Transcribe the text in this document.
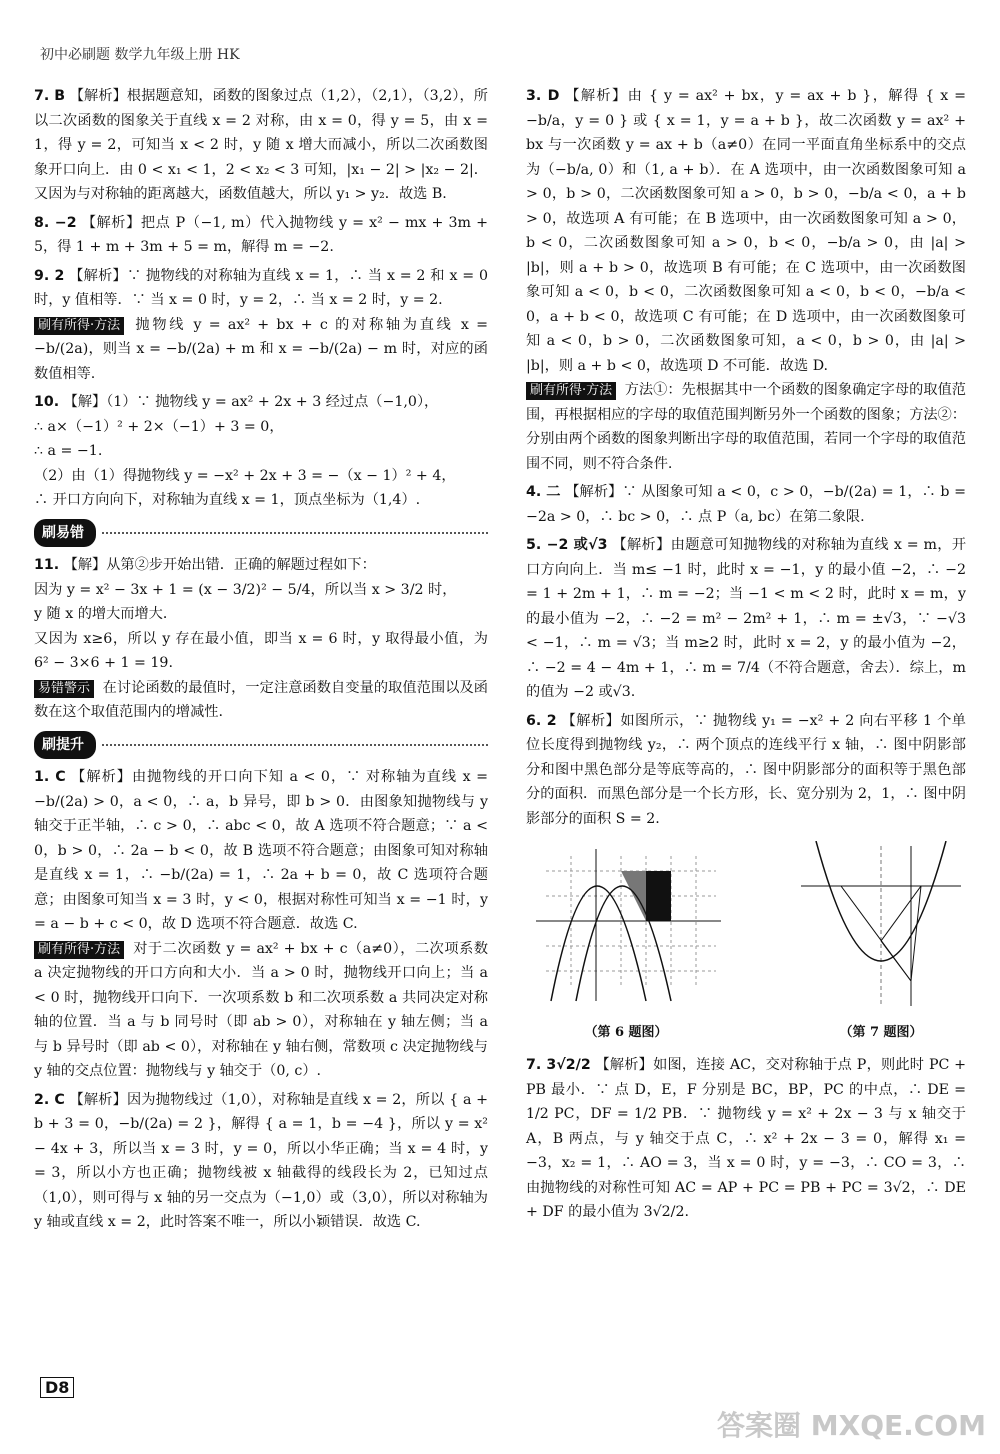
初中必刷题 数学九年级上册 HK
7. B 【解析】根据题意知，函数的图象过点（1,2），（2,1），（3,2），所以二次函数的图象关于直线 x = 2 对称，由 x = 0，得 y = 5，由 x = 1，得 y = 2，可知当 x < 2 时，y 随 x 增大而减小，所以二次函数图象开口向上．由 0 < x₁ < 1，2 < x₂ < 3 可知，|x₁ − 2| > |x₂ − 2|．又因为与对称轴的距离越大，函数值越大，所以 y₁ > y₂．故选 B.
8. −2 【解析】把点 P（−1, m）代入抛物线 y = x² − mx + 3m + 5，得 1 + m + 3m + 5 = m，解得 m = −2.
9. 2 【解析】∵ 抛物线的对称轴为直线 x = 1，∴ 当 x = 2 和 x = 0 时，y 值相等．∵ 当 x = 0 时，y = 2，∴ 当 x = 2 时，y = 2.
刷有所得·方法 抛物线 y = ax² + bx + c 的对称轴为直线 x = −b/(2a)，则当 x = −b/(2a) + m 和 x = −b/(2a) − m 时，对应的函数值相等.
10. 【解】（1）∵ 抛物线 y = ax² + 2x + 3 经过点（−1,0），
∴ a×（−1）² + 2×（−1）+ 3 = 0，
∴ a = −1.
（2）由（1）得抛物线 y = −x² + 2x + 3 = −（x − 1）² + 4，
∴ 开口方向向下，对称轴为直线 x = 1，顶点坐标为（1,4）.
刷易错
11. 【解】从第②步开始出错．正确的解题过程如下：
因为 y = x² − 3x + 1 = (x − 3/2)² − 5/4，所以当 x > 3/2 时，
y 随 x 的增大而增大．
又因为 x≥6，所以 y 存在最小值，即当 x = 6 时，y 取得最小值，为 6² − 3×6 + 1 = 19.
易错警示 在讨论函数的最值时，一定注意函数自变量的取值范围以及函数在这个取值范围内的增减性.
刷提升
1. C 【解析】由抛物线的开口向下知 a < 0，∵ 对称轴为直线 x = −b/(2a) > 0，a < 0，∴ a，b 异号，即 b > 0．由图象知抛物线与 y 轴交于正半轴，∴ c > 0，∴ abc < 0，故 A 选项不符合题意；∵ a < 0，b > 0，∴ 2a − b < 0，故 B 选项不符合题意；由图象可知对称轴是直线 x = 1，∴ −b/(2a) = 1，∴ 2a + b = 0，故 C 选项符合题意；由图象可知当 x = 3 时，y < 0，根据对称性可知当 x = −1 时，y = a − b + c < 0，故 D 选项不符合题意．故选 C.
刷有所得·方法 对于二次函数 y = ax² + bx + c（a≠0），二次项系数 a 决定抛物线的开口方向和大小．当 a > 0 时，抛物线开口向上；当 a < 0 时，抛物线开口向下．一次项系数 b 和二次项系数 a 共同决定对称轴的位置．当 a 与 b 同号时（即 ab > 0），对称轴在 y 轴左侧；当 a 与 b 异号时（即 ab < 0），对称轴在 y 轴右侧，常数项 c 决定抛物线与 y 轴的交点位置：抛物线与 y 轴交于（0, c）.
2. C 【解析】因为抛物线过（1,0），对称轴是直线 x = 2，所以 { a + b + 3 = 0，−b/(2a) = 2 }，解得 { a = 1，b = −4 }，所以 y = x² − 4x + 3，所以当 x = 3 时，y = 0，所以小华正确；当 x = 4 时，y = 3，所以小方也正确；抛物线被 x 轴截得的线段长为 2，已知过点（1,0），则可得与 x 轴的另一交点为（−1,0）或（3,0），所以对称轴为 y 轴或直线 x = 2，此时答案不唯一，所以小颖错误．故选 C.
3. D 【解析】由 { y = ax² + bx，y = ax + b }，解得 { x = −b/a，y = 0 } 或 { x = 1，y = a + b }，故二次函数 y = ax² + bx 与一次函数 y = ax + b（a≠0）在同一平面直角坐标系中的交点为（−b/a, 0）和（1, a + b）．在 A 选项中，由一次函数图象可知 a > 0，b > 0，二次函数图象可知 a > 0，b > 0，−b/a < 0，a + b > 0，故选项 A 有可能；在 B 选项中，由一次函数图象可知 a > 0，b < 0，二次函数图象可知 a > 0，b < 0，−b/a > 0，由 |a| > |b|，则 a + b > 0，故选项 B 有可能；在 C 选项中，由一次函数图象可知 a < 0，b < 0，二次函数图象可知 a < 0，b < 0，−b/a < 0，a + b < 0，故选项 C 有可能；在 D 选项中，由一次函数图象可知 a < 0，b > 0，二次函数图象可知，a < 0，b > 0，由 |a| > |b|，则 a + b < 0，故选项 D 不可能．故选 D.
刷有所得·方法 方法①：先根据其中一个函数的图象确定字母的取值范围，再根据相应的字母的取值范围判断另外一个函数的图象；方法②：分别由两个函数的图象判断出字母的取值范围，若同一个字母的取值范围不同，则不符合条件.
4. 二 【解析】∵ 从图象可知 a < 0，c > 0，−b/(2a) = 1，∴ b = −2a > 0，∴ bc > 0，∴ 点 P（a, bc）在第二象限.
5. −2 或√3 【解析】由题意可知抛物线的对称轴为直线 x = m，开口方向向上．当 m≤ −1 时，此时 x = −1，y 的最小值 −2，∴ −2 = 1 + 2m + 1，∴ m = −2；当 −1 < m < 2 时，此时 x = m，y 的最小值为 −2，∴ −2 = m² − 2m² + 1，∴ m = ±√3，∵ −√3 < −1，∴ m = √3；当 m≥2 时，此时 x = 2，y 的最小值为 −2，∴ −2 = 4 − 4m + 1，∴ m = 7/4（不符合题意，舍去）．综上，m 的值为 −2 或√3.
6. 2 【解析】如图所示，∵ 抛物线 y₁ = −x² + 2 向右平移 1 个单位长度得到抛物线 y₂，∴ 两个顶点的连线平行 x 轴，∴ 图中阴影部分和图中黑色部分是等底等高的，∴ 图中阴影部分的面积等于黑色部分的面积．而黑色部分是一个长方形，长、宽分别为 2，1，∴ 图中阴影部分的面积 S = 2.
（第 6 题图）	（第 7 题图）
7. 3√2/2 【解析】如图，连接 AC，交对称轴于点 P，则此时 PC + PB 最小．∵ 点 D，E，F 分别是 BC，BP，PC 的中点，∴ DE = 1/2 PC，DF = 1/2 PB．∵ 抛物线 y = x² + 2x − 3 与 x 轴交于 A，B 两点，与 y 轴交于点 C，∴ x² + 2x − 3 = 0，解得 x₁ = −3，x₂ = 1，∴ AO = 3，当 x = 0 时，y = −3，∴ CO = 3，∴ 由抛物线的对称性可知 AC = AP + PC = PB + PC = 3√2，∴ DE + DF 的最小值为 3√2/2.
D8
答案圈 MXQE.COM
